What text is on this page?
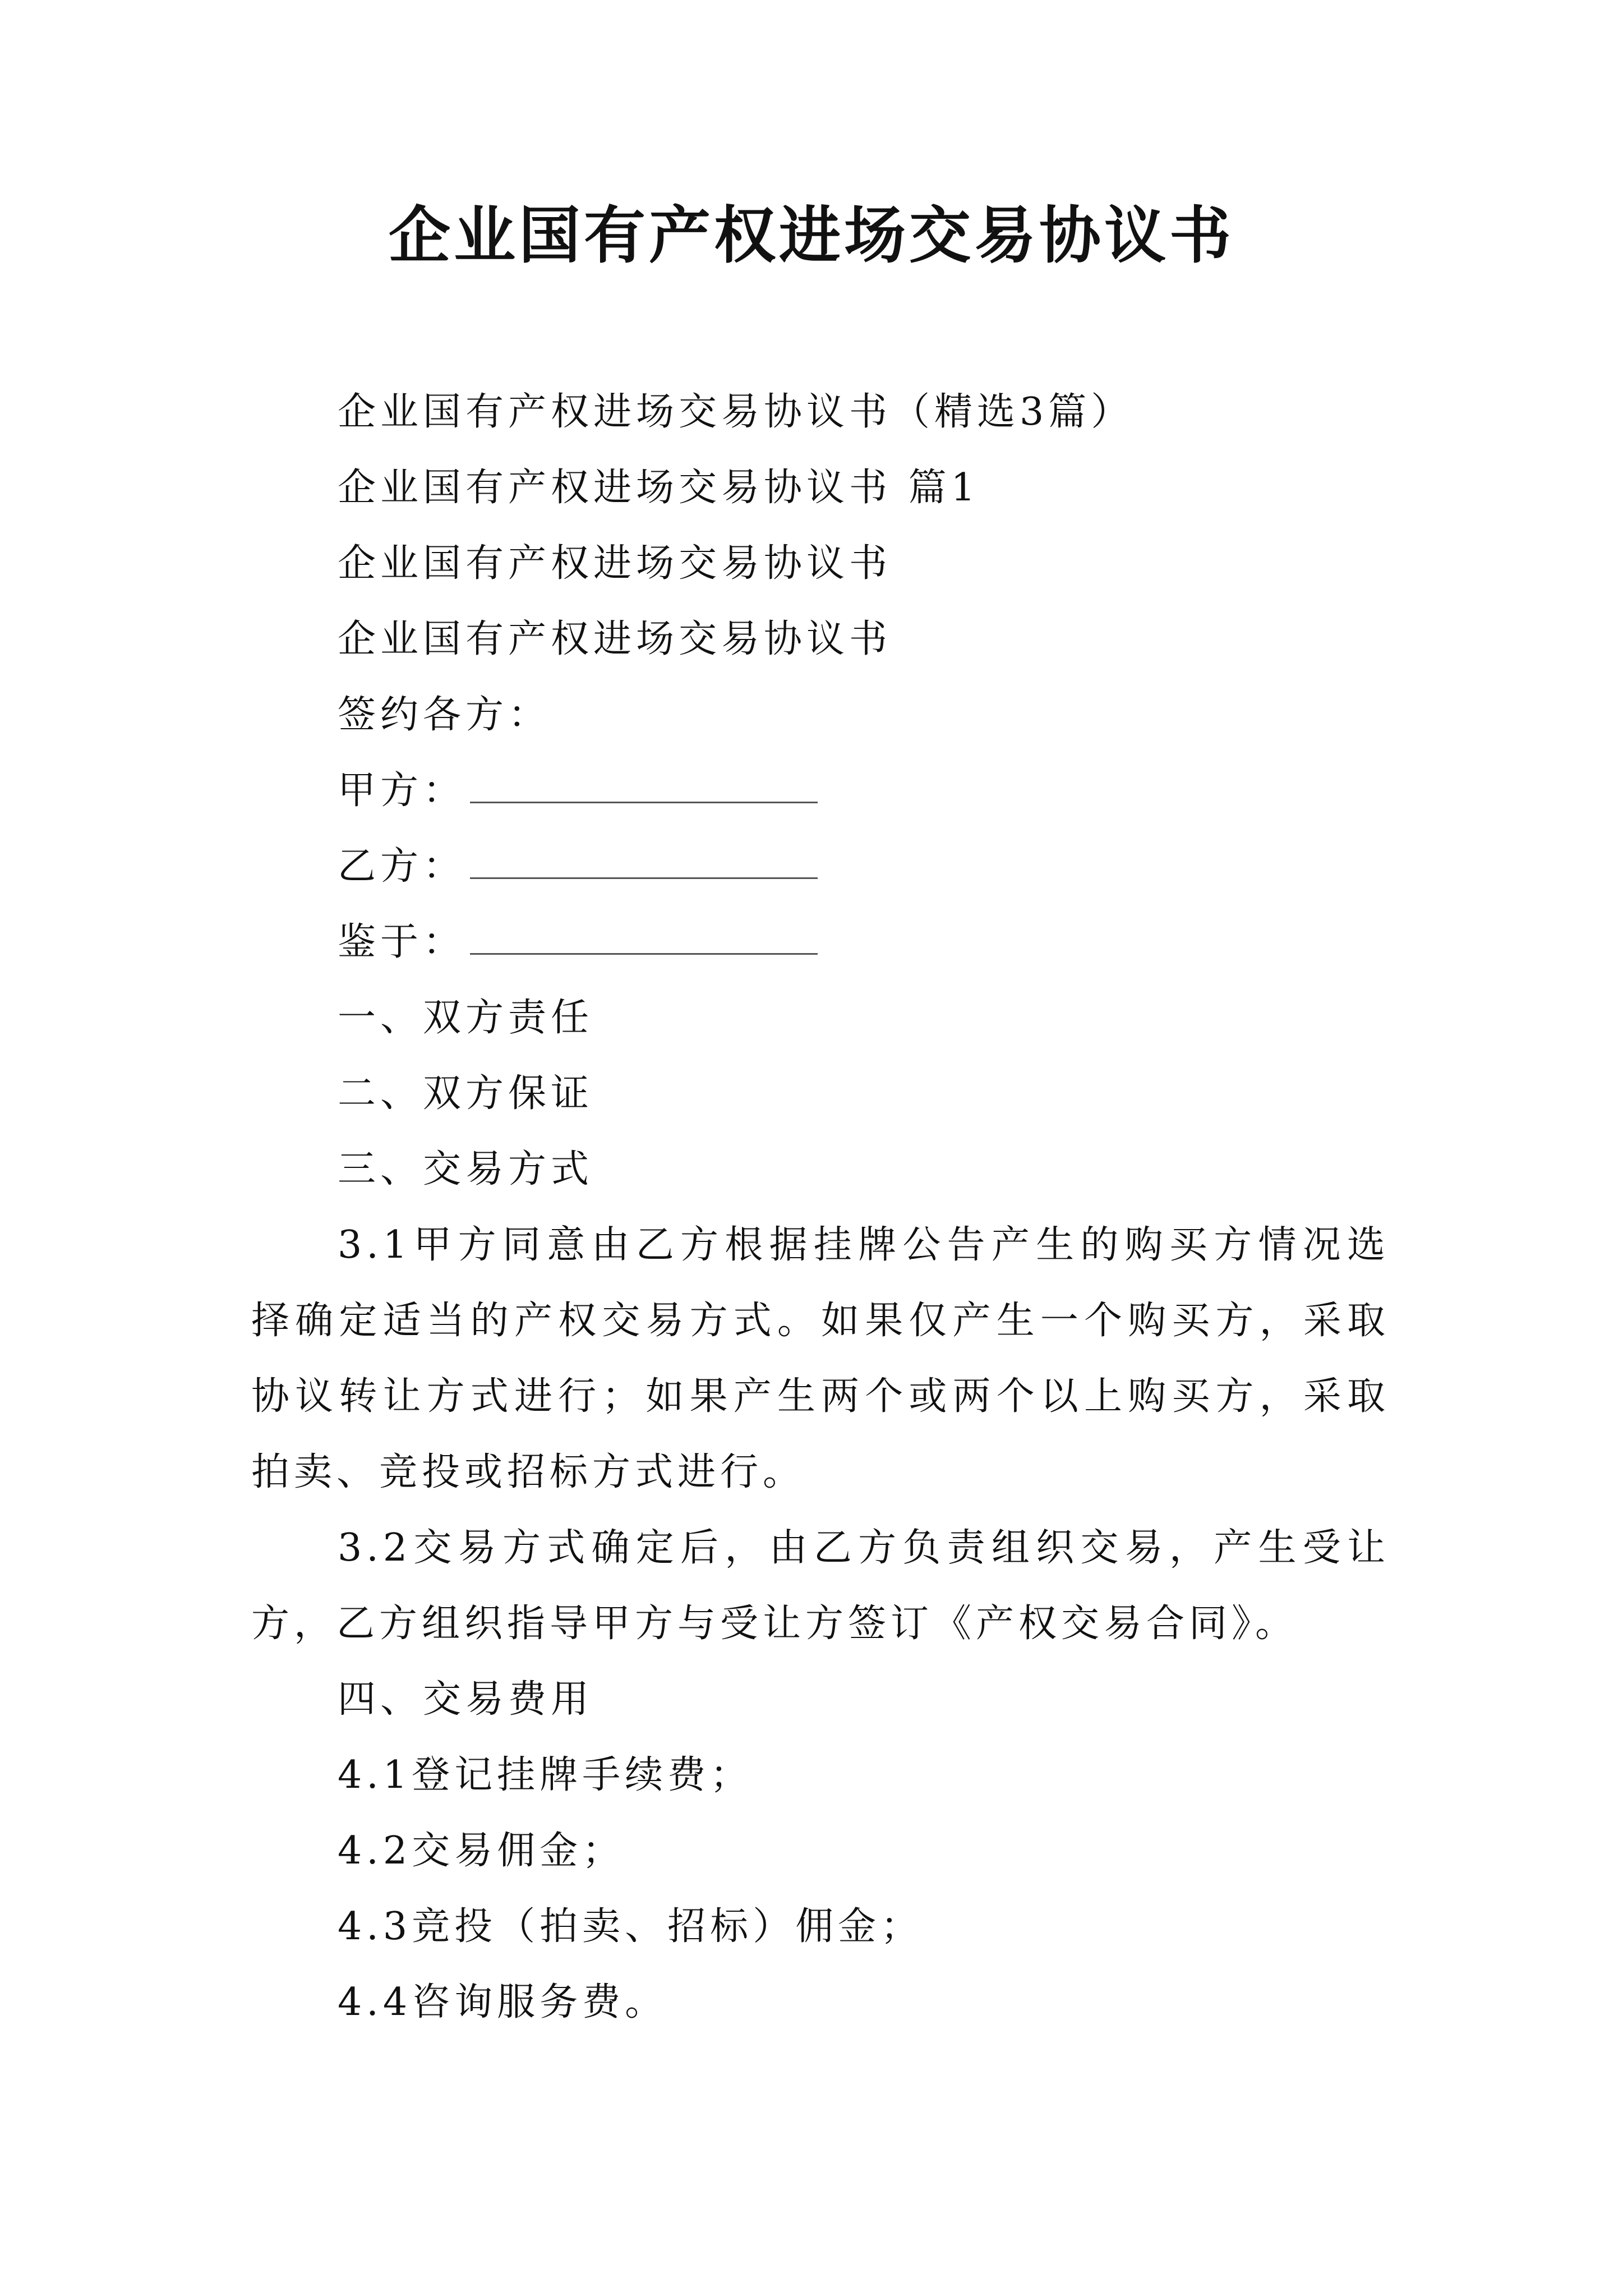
企业国有产权进场交易协议书
企业国有产权进场交易协议书（精选3篇）
企业国有产权进场交易协议书 篇1
企业国有产权进场交易协议书
企业国有产权进场交易协议书
签约各方：
甲方：
乙方：
鉴于：
一、双方责任
二、双方保证
三、交易方式
3.1甲方同意由乙方根据挂牌公告产生的购买方情况选择确定适当的产权交易方式。如果仅产生一个购买方，采取协议转让方式进行；如果产生两个或两个以上购买方，采取拍卖、竞投或招标方式进行。
3.2交易方式确定后，由乙方负责组织交易，产生受让方，乙方组织指导甲方与受让方签订《产权交易合同》。
四、交易费用
4.1登记挂牌手续费；
4.2交易佣金；
4.3竞投（拍卖、招标）佣金；
4.4咨询服务费。
